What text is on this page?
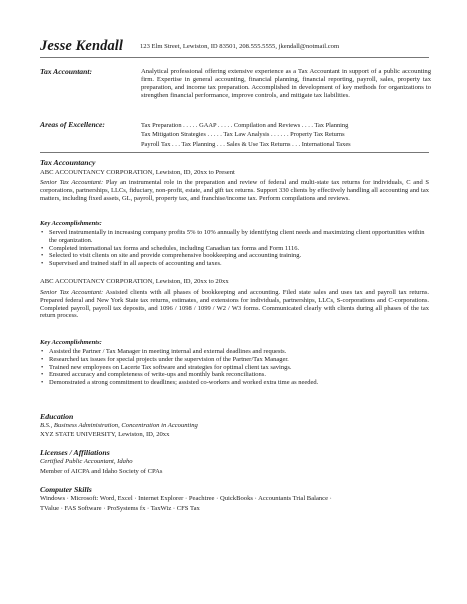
Jesse Kendall	123 Elm Street, Lewiston, ID 83501, 208.555.5555, jkendall@notmail.com
Tax Accountant:	Analytical professional offering extensive experience as a Tax Accountant in support of a public accounting firm. Expertise in general accounting, financial planning, financial reporting, payroll, sales, property tax preparation, and income tax preparation. Accomplished in development of key methods for organizations to strengthen financial performance, improve controls, and mitigate tax liabilities.
Areas of Excellence:	Tax Preparation . . . . . GAAP . . . . . Compilation and Reviews . . . . Tax Planning
Tax Mitigation Strategies . . . . . Tax Law Analysis . . . . . . Property Tax Returns
Payroll Tax . . . Tax Planning . . . Sales & Use Tax Returns . . . International Taxes
Tax Accountancy
ABC ACCOUNTANCY CORPORATION, Lewiston, ID, 20xx to Present
Senior Tax Accountant: Play an instrumental role in the preparation and review of federal and multi-state tax returns for individuals, C and S corporations, partnerships, LLCs, fiduciary, non-profit, estate, and gift tax returns. Support 330 clients by effectively handling all accounting and tax matters, including fixed assets, GL, payroll, property tax, and franchise/income tax. Perform compilations and reviews.
Key Accomplishments:
• Served instrumentally in increasing company profits 5% to 10% annually by identifying client needs and maximizing client opportunities within the organization.
• Completed international tax forms and schedules, including Canadian tax forms and Form 1116.
• Selected to visit clients on site and provide comprehensive bookkeeping and accounting training.
• Supervised and trained staff in all aspects of accounting and taxes.
ABC ACCOUNTANCY CORPORATION, Lewiston, ID, 20xx to 20xx
Senior Tax Accountant: Assisted clients with all phases of bookkeeping and accounting. Filed state sales and uses tax and payroll tax returns. Prepared federal and New York State tax returns, estimates, and extensions for individuals, partnerships, LLCs, S-corporations and C-corporations. Completed payroll, payroll tax deposits, and 1096 / 1098 / 1099 / W2 / W3 forms. Communicated clearly with clients during all phases of the tax return process.
Key Accomplishments:
• Assisted the Partner / Tax Manager in meeting internal and external deadlines and requests.
• Researched tax issues for special projects under the supervision of the Partner/Tax Manager.
• Trained new employees on Lacerte Tax software and strategies for optimal client tax savings.
• Ensured accuracy and completeness of write-ups and monthly bank reconciliations.
• Demonstrated a strong commitment to deadlines; assisted co-workers and worked extra time as needed.
Education
B.S., Business Administration, Concentration in Accounting
XYZ STATE UNIVERSITY, Lewiston, ID, 20xx
Licenses / Affiliations
Certified Public Accountant, Idaho
Member of AICPA and Idaho Society of CPAs
Computer Skills
Windows · Microsoft: Word, Excel · Internet Explorer · Peachtree · QuickBooks · Accountants Trial Balance ·
TValue · FAS Software · ProSystems fx · TaxWiz · CFS Tax
